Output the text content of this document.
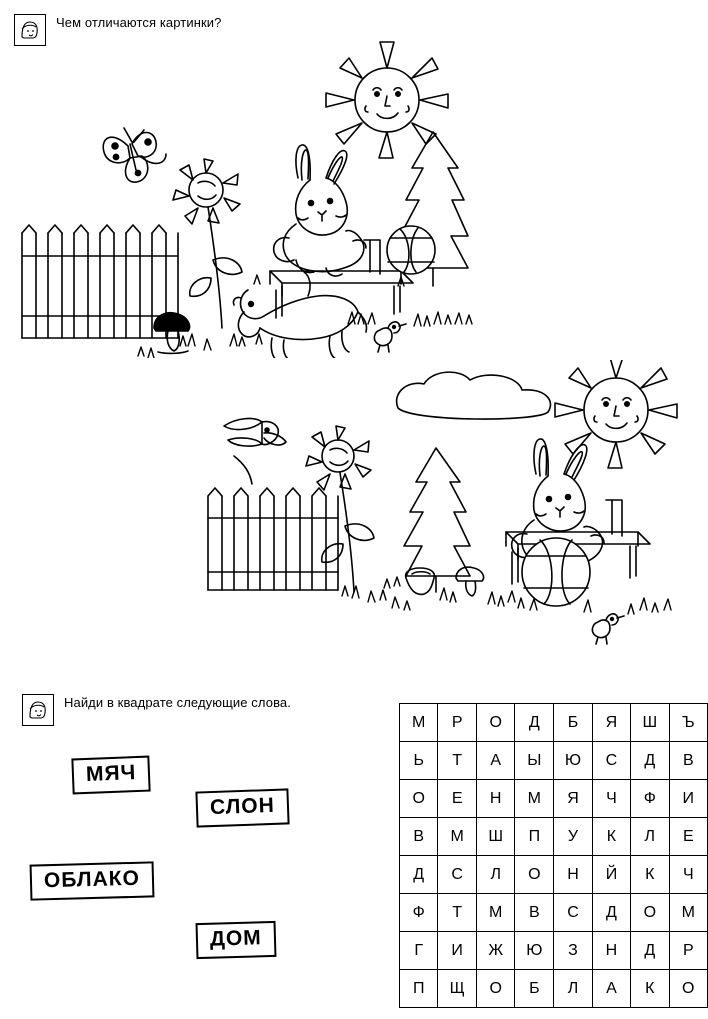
Чем отличаются картинки?
Найди в квадрате следующие слова.
МЯЧ
СЛОН
ОБЛАКО
ДОМ
М	Р	О	Д	Б	Я	Ш	Ъ
Ь	Т	А	Ы	Ю	С	Д	В
О	Е	Н	М	Я	Ч	Ф	И
В	М	Ш	П	У	К	Л	Е
Д	С	Л	О	Н	Й	К	Ч
Ф	Т	М	В	С	Д	О	М
Г	И	Ж	Ю	З	Н	Д	Р
П	Щ	О	Б	Л	А	К	О
